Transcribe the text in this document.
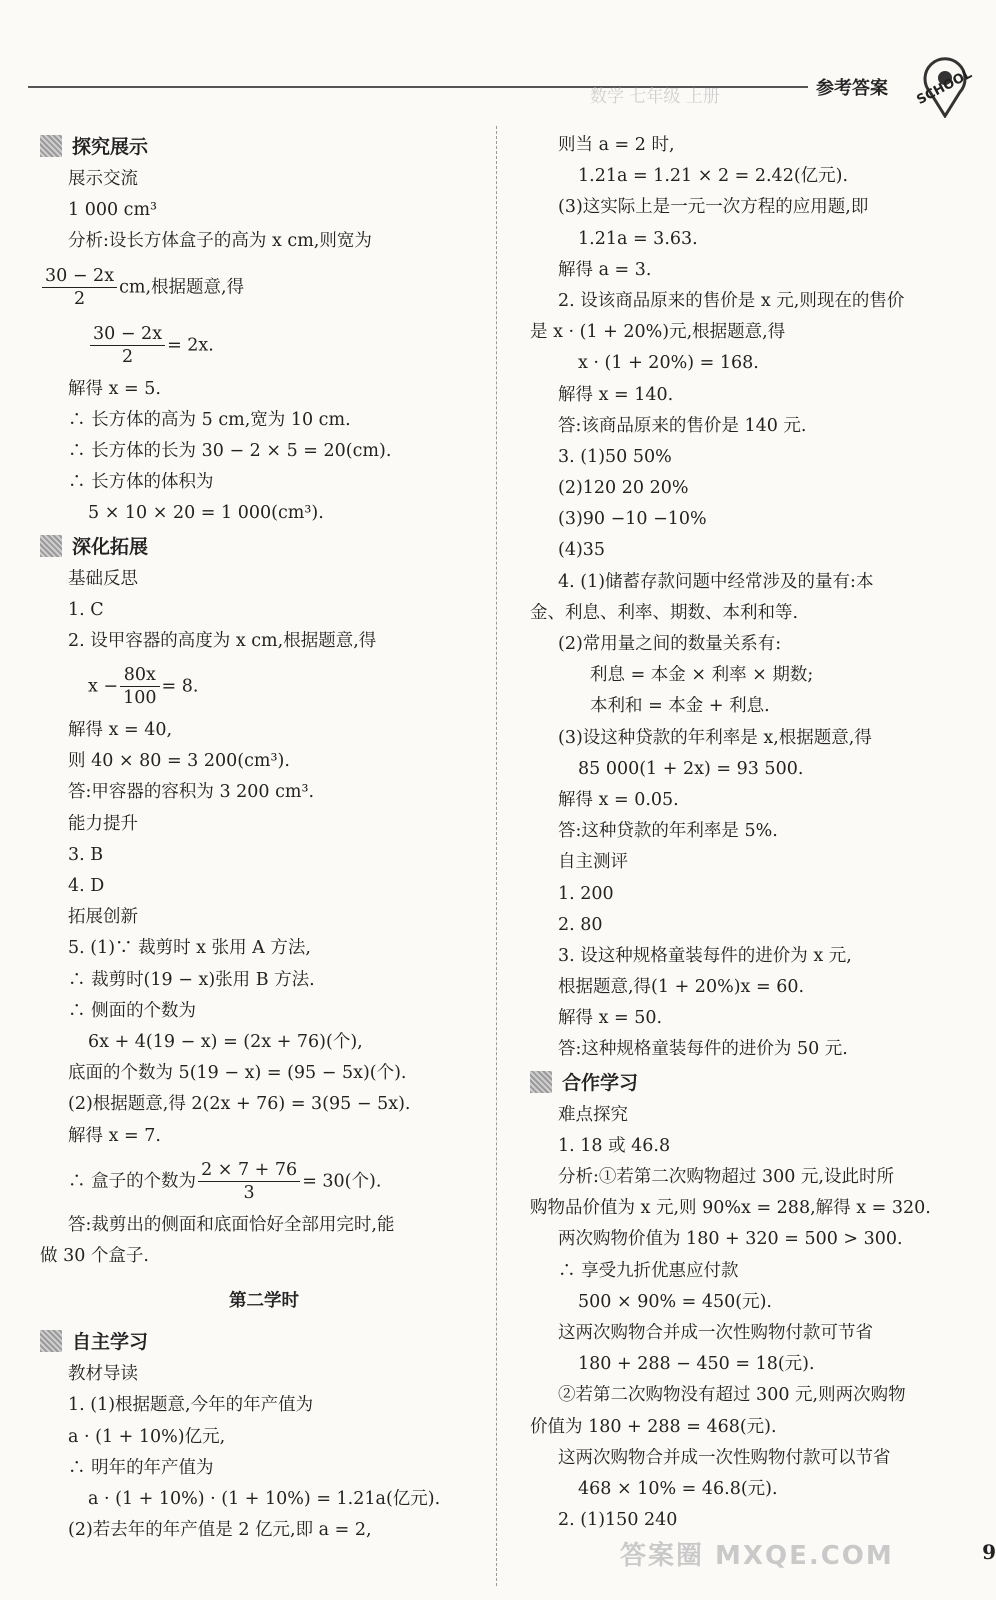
数学 七年级 上册	参考答案 SCHOOL
探究展示
展示交流
1 000 cm³
分析:设长方体盒子的高为 x cm,则宽为
$\frac{30 - 2x}{2}$ cm,根据题意,得
$\frac{30 - 2x}{2} = 2x$.
解得 x = 5.
∴ 长方体的高为 5 cm,宽为 10 cm.
∴ 长方体的长为 30 − 2 × 5 = 20(cm).
∴ 长方体的体积为
5 × 10 × 20 = 1 000(cm³).
深化拓展
基础反思
1. C
2. 设甲容器的高度为 x cm,根据题意,得
$x - \frac{80x}{100} = 8$.
解得 x = 40,
则 40 × 80 = 3 200(cm³).
答:甲容器的容积为 3 200 cm³.
能力提升
3. B
4. D
拓展创新
5. (1)∵ 裁剪时 x 张用 A 方法,
∴ 裁剪时(19 − x)张用 B 方法.
∴ 侧面的个数为
6x + 4(19 − x) = (2x + 76)(个),
底面的个数为 5(19 − x) = (95 − 5x)(个).
(2)根据题意,得 2(2x + 76) = 3(95 − 5x).
解得 x = 7.
∴ 盒子的个数为 $\frac{2 \times 7 + 76}{3} = 30$(个).
答:裁剪出的侧面和底面恰好全部用完时,能
做 30 个盒子.
第二学时
自主学习
教材导读
1. (1)根据题意,今年的年产值为
a · (1 + 10%)亿元,
∴ 明年的年产值为
a · (1 + 10%) · (1 + 10%) = 1.21a(亿元).
(2)若去年的年产值是 2 亿元,即 a = 2,
则当 a = 2 时,
1.21a = 1.21 × 2 = 2.42(亿元).
(3)这实际上是一元一次方程的应用题,即
1.21a = 3.63.
解得 a = 3.
2. 设该商品原来的售价是 x 元,则现在的售价
是 x · (1 + 20%)元,根据题意,得
x · (1 + 20%) = 168.
解得 x = 140.
答:该商品原来的售价是 140 元.
3. (1)50 50%
(2)120 20 20%
(3)90 −10 −10%
(4)35
4. (1)储蓄存款问题中经常涉及的量有:本
金、利息、利率、期数、本利和等.
(2)常用量之间的数量关系有:
利息 = 本金 × 利率 × 期数;
本利和 = 本金 + 利息.
(3)设这种贷款的年利率是 x,根据题意,得
85 000(1 + 2x) = 93 500.
解得 x = 0.05.
答:这种贷款的年利率是 5%.
自主测评
1. 200
2. 80
3. 设这种规格童装每件的进价为 x 元,
根据题意,得(1 + 20%)x = 60.
解得 x = 50.
答:这种规格童装每件的进价为 50 元.
合作学习
难点探究
1. 18 或 46.8
分析:①若第二次购物超过 300 元,设此时所
购物品价值为 x 元,则 90%x = 288,解得 x = 320.
两次购物价值为 180 + 320 = 500 > 300.
∴ 享受九折优惠应付款
500 × 90% = 450(元).
这两次购物合并成一次性购物付款可节省
180 + 288 − 450 = 18(元).
②若第二次购物没有超过 300 元,则两次购物
价值为 180 + 288 = 468(元).
这两次购物合并成一次性购物付款可以节省
468 × 10% = 46.8(元).
2. (1)150 240
答案圈 MXQE.COM	9
